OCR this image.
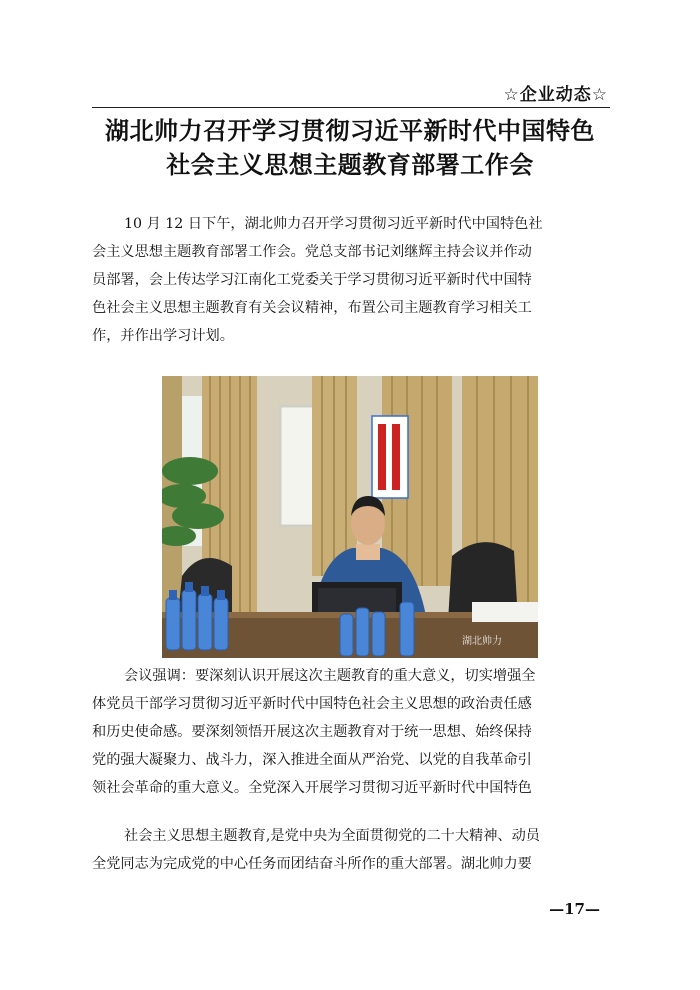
☆企业动态☆
湖北帅力召开学习贯彻习近平新时代中国特色
社会主义思想主题教育部署工作会
10 月 12 日下午，湖北帅力召开学习贯彻习近平新时代中国特色社
会主义思想主题教育部署工作会。党总支部书记刘继辉主持会议并作动
员部署，会上传达学习江南化工党委关于学习贯彻习近平新时代中国特
色社会主义思想主题教育有关会议精神，布置公司主题教育学习相关工
作，并作出学习计划。
湖北帅力
会议强调：要深刻认识开展这次主题教育的重大意义，切实增强全
体党员干部学习贯彻习近平新时代中国特色社会主义思想的政治责任感
和历史使命感。要深刻领悟开展这次主题教育对于统一思想、始终保持
党的强大凝聚力、战斗力，深入推进全面从严治党、以党的自我革命引
领社会革命的重大意义。全党深入开展学习贯彻习近平新时代中国特色
社会主义思想主题教育,是党中央为全面贯彻党的二十大精神、动员
全党同志为完成党的中心任务而团结奋斗所作的重大部署。湖北帅力要
—17—
